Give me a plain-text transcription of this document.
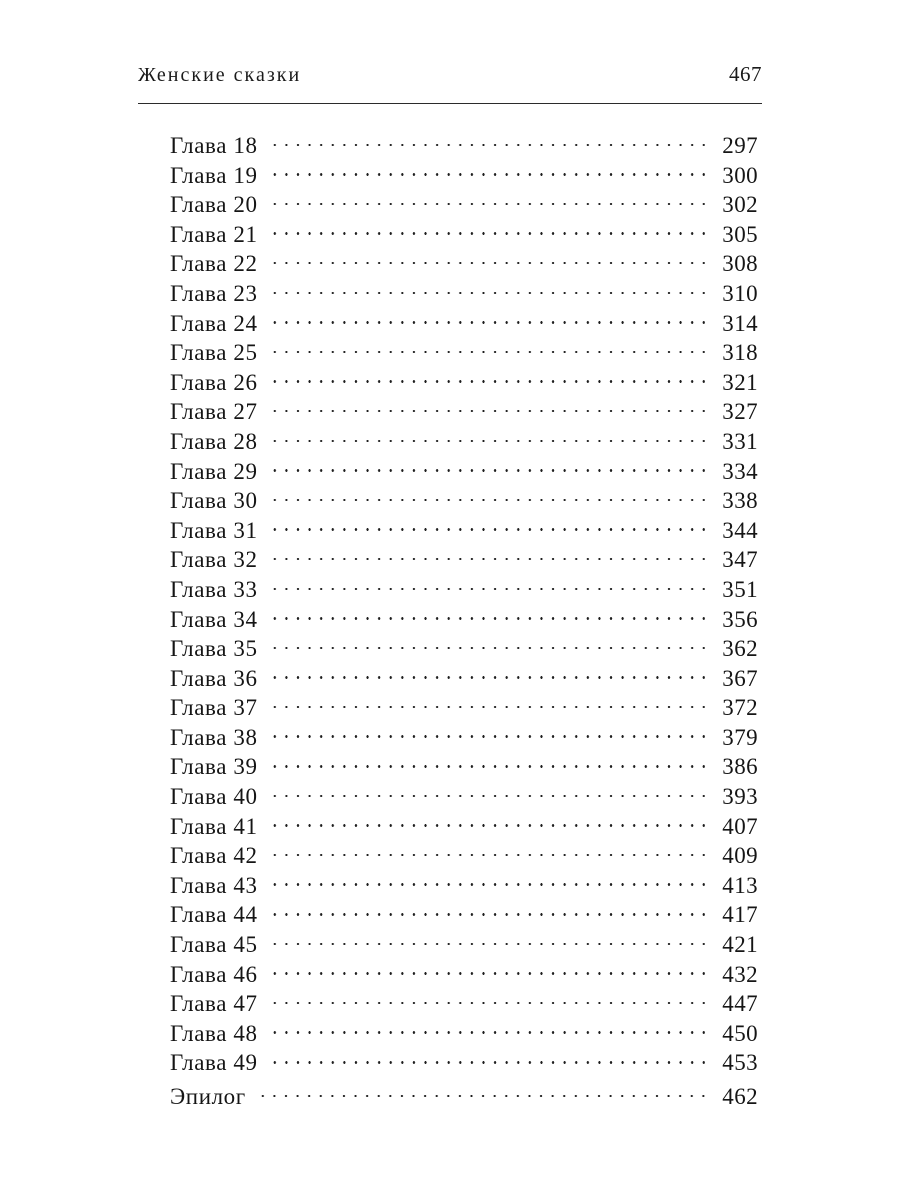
Женские сказки	467
Глава 18	297
Глава 19	300
Глава 20	302
Глава 21	305
Глава 22	308
Глава 23	310
Глава 24	314
Глава 25	318
Глава 26	321
Глава 27	327
Глава 28	331
Глава 29	334
Глава 30	338
Глава 31	344
Глава 32	347
Глава 33	351
Глава 34	356
Глава 35	362
Глава 36	367
Глава 37	372
Глава 38	379
Глава 39	386
Глава 40	393
Глава 41	407
Глава 42	409
Глава 43	413
Глава 44	417
Глава 45	421
Глава 46	432
Глава 47	447
Глава 48	450
Глава 49	453
Эпилог	462
